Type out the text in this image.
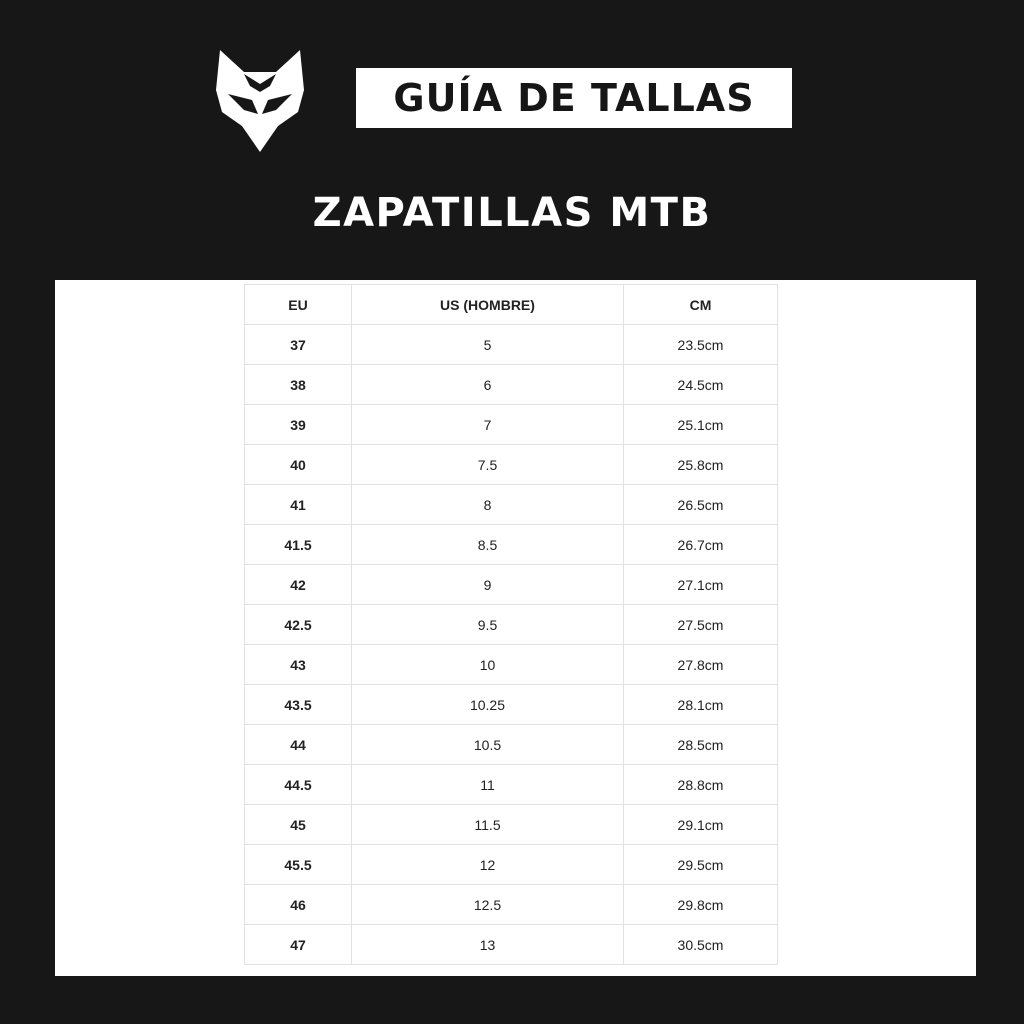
GUÍA DE TALLAS
ZAPATILLAS MTB
EU	US (HOMBRE)	CM
37	5	23.5cm
38	6	24.5cm
39	7	25.1cm
40	7.5	25.8cm
41	8	26.5cm
41.5	8.5	26.7cm
42	9	27.1cm
42.5	9.5	27.5cm
43	10	27.8cm
43.5	10.25	28.1cm
44	10.5	28.5cm
44.5	11	28.8cm
45	11.5	29.1cm
45.5	12	29.5cm
46	12.5	29.8cm
47	13	30.5cm
